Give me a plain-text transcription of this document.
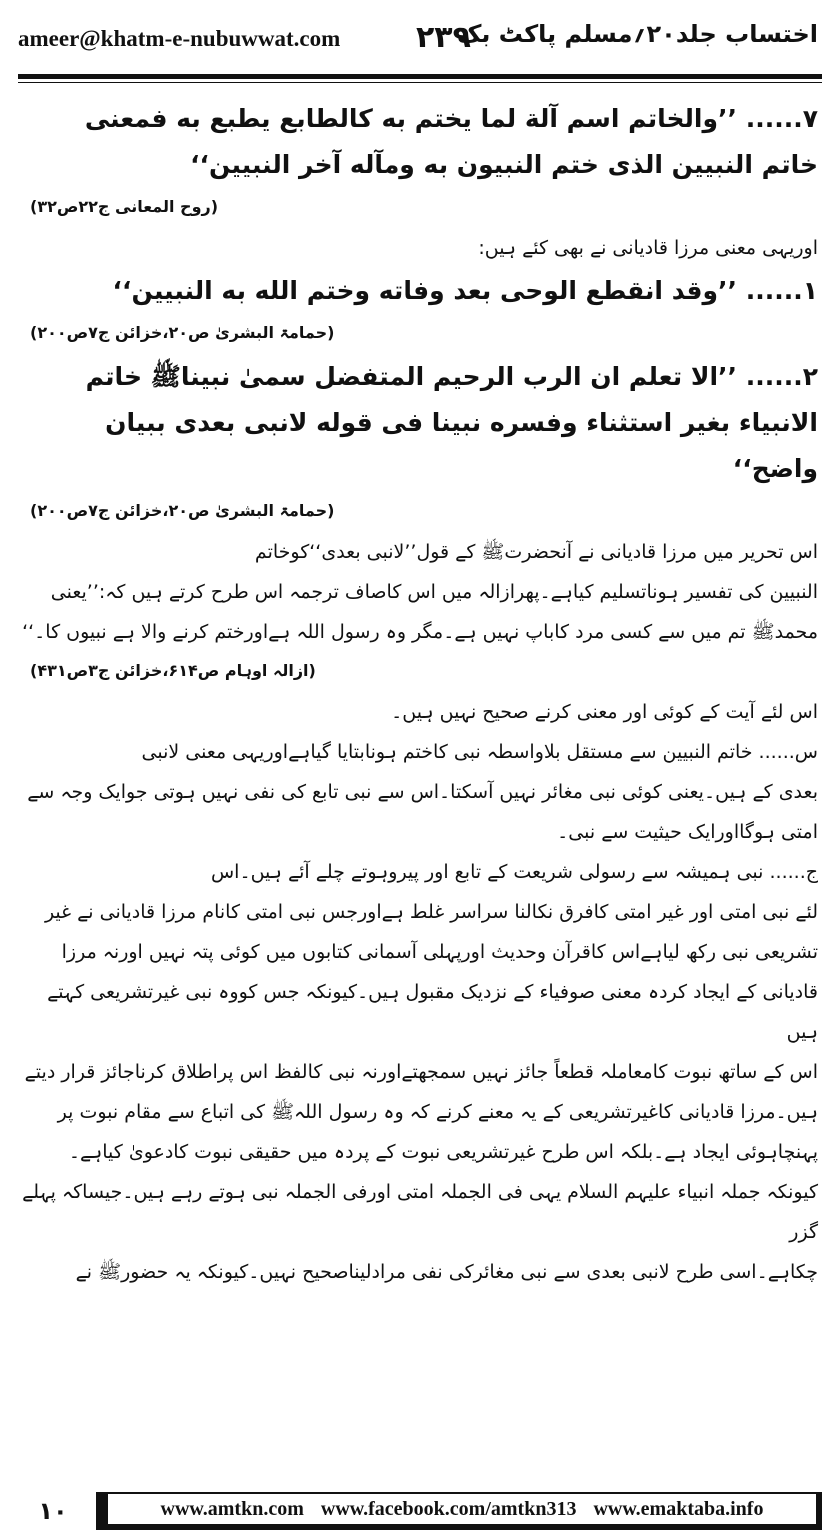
ameer@khatm-e-nubuwwat.com	۲۳۹
اختساب جلد۲۰؍مسلم پاکٹ بک

۷...... ’’والخاتم اسم آلة لما يختم به كالطابع يطبع به فمعنى

خاتم النبيين الذى ختم النبيون به ومآله آخر النبيين‘‘

(روح المعانی ج۲۲ص۳۲)

اوریہی معنی مرزا قادیانی نے بھی کئے ہیں:

۱...... ’’وقد انقطع الوحى بعد وفاته وختم الله به النبيين‘‘

(حمامۃ البشریٰ ص۲۰،خزائن ج۷ص۲۰۰)

۲...... ’’الا تعلم ان الرب الرحيم المتفضل سمىٰ نبيناﷺ خاتم

الانبياء بغير استثناء وفسره نبينا فى قوله لانبى بعدى ببيان واضح‘‘

(حمامۃ البشریٰ ص۲۰،خزائن ج۷ص۲۰۰)

اس تحریر میں مرزا قادیانی نے آنحضرتﷺ کے قول’’لانبی بعدی‘‘کوخاتم

النبیین کی تفسیر ہوناتسلیم کیاہے۔پھرازالہ میں اس کاصاف ترجمہ اس طرح کرتے ہیں کہ:’’یعنی

محمدﷺ تم میں سے کسی مرد کاباپ نہیں ہے۔مگر وہ رسول اللہ ہےاورختم کرنے والا ہے نبیوں کا۔‘‘

(ازالہ اوہام ص۶۱۴،خزائن ج۳ص۴۳۱)

اس لئے آیت کے کوئی اور معنی کرنے صحیح نہیں ہیں۔

س...... خاتم النبیین سے مستقل بلاواسطہ نبی کاختم ہونابتایا گیاہےاوریہی معنی لانبی

بعدی کے ہیں۔یعنی کوئی نبی مغائر نہیں آسکتا۔اس سے نبی تابع کی نفی نہیں ہوتی جوایک وجہ سے

امتی ہوگااورایک حیثیت سے نبی۔

ج...... نبی ہمیشہ سے رسولی شریعت کے تابع اور پیروہوتے چلے آئے ہیں۔اس

لئے نبی امتی اور غیر امتی کافرق نکالنا سراسر غلط ہےاورجس نبی امتی کانام مرزا قادیانی نے غیر

تشریعی نبی رکھ لیاہےاس کاقرآن وحدیث اورپہلی آسمانی کتابوں میں کوئی پتہ نہیں اورنہ مرزا

قادیانی کے ایجاد کردہ معنی صوفیاء کے نزدیک مقبول ہیں۔کیونکہ جس کووہ نبی غیرتشریعی کہتے ہیں

اس کے ساتھ نبوت کامعاملہ قطعاً جائز نہیں سمجھتےاورنہ نبی کالفظ اس پراطلاق کرناجائز قرار دیتے

ہیں۔مرزا قادیانی کاغیرتشریعی کے یہ معنے کرنے کہ وہ رسول اللہﷺ کی اتباع سے مقام نبوت پر

پہنچاہوئی ایجاد ہے۔بلکہ اس طرح غیرتشریعی نبوت کے پردہ میں حقیقی نبوت کادعویٰ کیاہے۔

کیونکہ جملہ انبیاء علیہم السلام یہی فی الجملہ امتی اورفی الجملہ نبی ہوتے رہے ہیں۔جیساکہ پہلے گزر

چکاہے۔اسی طرح لانبی بعدی سے نبی مغائرکی نفی مرادلیناصحیح نہیں۔کیونکہ یہ حضورﷺ نے

۱۰	www.amtkn.com www.facebook.com/amtkn313 www.emaktaba.info
